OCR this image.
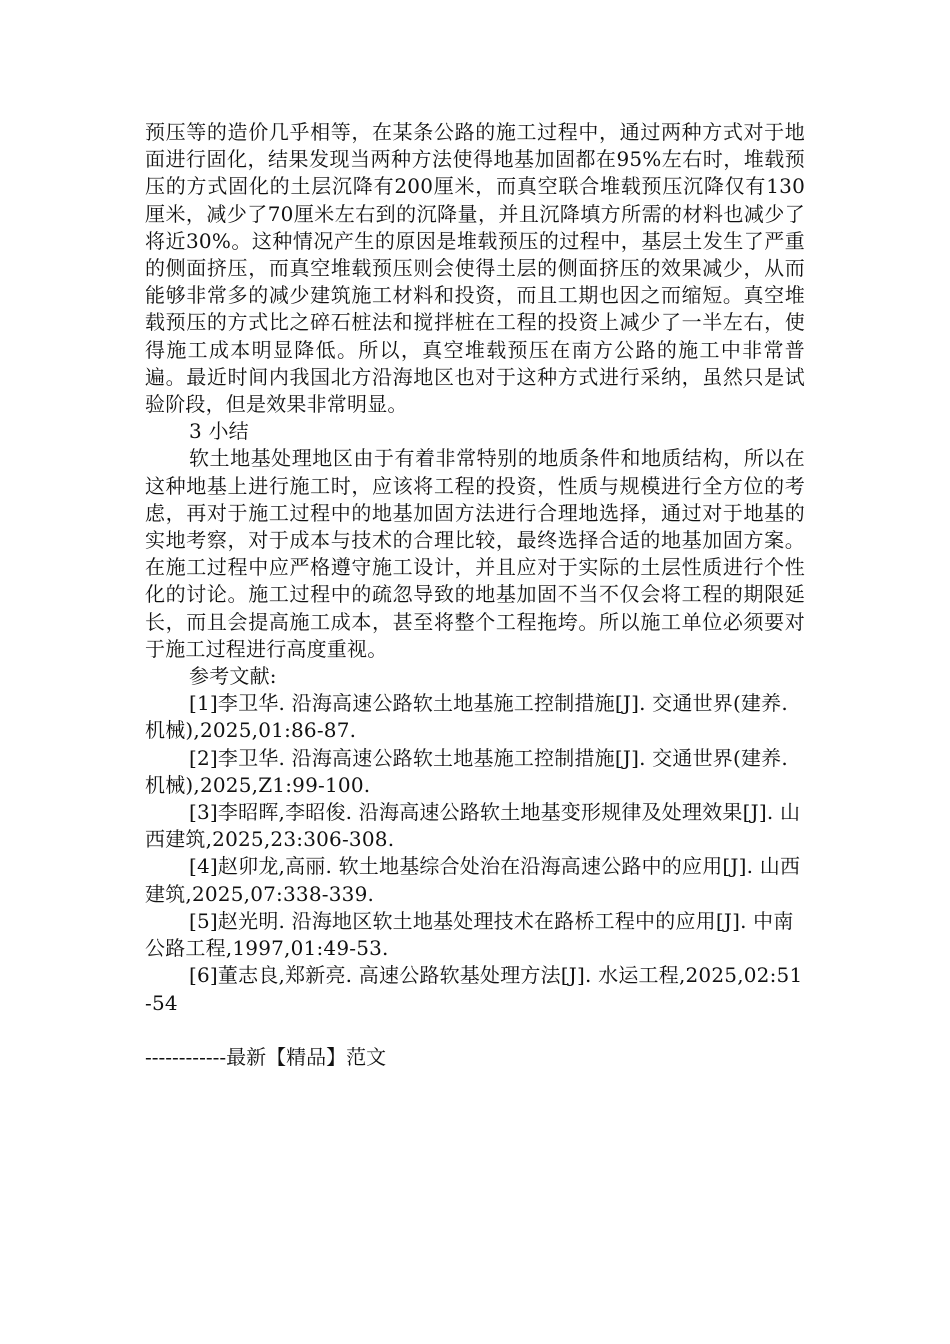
预压等的造价几乎相等，在某条公路的施工过程中，通过两种方式对于地面进行固化，结果发现当两种方法使得地基加固都在95%左右时，堆载预压的方式固化的土层沉降有200厘米，而真空联合堆载预压沉降仅有130厘米，减少了70厘米左右到的沉降量，并且沉降填方所需的材料也减少了将近30%。这种情况产生的原因是堆载预压的过程中，基层土发生了严重的侧面挤压，而真空堆载预压则会使得土层的侧面挤压的效果减少，从而能够非常多的减少建筑施工材料和投资，而且工期也因之而缩短。真空堆载预压的方式比之碎石桩法和搅拌桩在工程的投资上减少了一半左右，使得施工成本明显降低。所以，真空堆载预压在南方公路的施工中非常普遍。最近时间内我国北方沿海地区也对于这种方式进行采纳，虽然只是试验阶段，但是效果非常明显。

3 小结

软土地基处理地区由于有着非常特别的地质条件和地质结构，所以在这种地基上进行施工时，应该将工程的投资，性质与规模进行全方位的考虑，再对于施工过程中的地基加固方法进行合理地选择，通过对于地基的实地考察，对于成本与技术的合理比较，最终选择合适的地基加固方案。在施工过程中应严格遵守施工设计，并且应对于实际的土层性质进行个性化的讨论。施工过程中的疏忽导致的地基加固不当不仅会将工程的期限延长，而且会提高施工成本，甚至将整个工程拖垮。所以施工单位必须要对于施工过程进行高度重视。

参考文献:

[1]李卫华. 沿海高速公路软土地基施工控制措施[J]. 交通世界(建养.机械),2025,01:86-87.
[2]李卫华. 沿海高速公路软土地基施工控制措施[J]. 交通世界(建养.机械),2025,Z1:99-100.
[3]李昭晖,李昭俊. 沿海高速公路软土地基变形规律及处理效果[J]. 山西建筑,2025,23:306-308.
[4]赵卯龙,高丽. 软土地基综合处治在沿海高速公路中的应用[J]. 山西建筑,2025,07:338-339.
[5]赵光明. 沿海地区软土地基处理技术在路桥工程中的应用[J]. 中南公路工程,1997,01:49-53.
[6]董志良,郑新亮. 高速公路软基处理方法[J]. 水运工程,2025,02:51-54
------------最新【精品】范文
